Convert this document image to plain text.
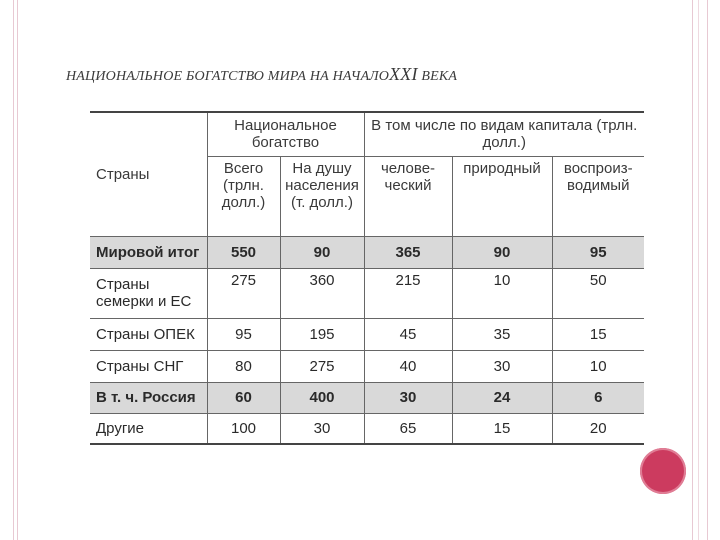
НАЦИОНАЛЬНОЕ БОГАТСТВО МИРА НА НАЧАЛОXXI ВЕКА
Страны	Национальное богатство		В том числе по видам капитала (трлн. долл.)		
	Всего (трлн. долл.)	На душу населения (т. долл.)	челове-ческий	природный	воспроиз-водимый
Мировой итог	550	90	365	90	95
Страны семерки и ЕС	275	360	215	10	50
Страны ОПЕК	95	195	45	35	15
Страны СНГ	80	275	40	30	10
В т. ч. Россия	60	400	30	24	6
Другие	100	30	65	15	20
